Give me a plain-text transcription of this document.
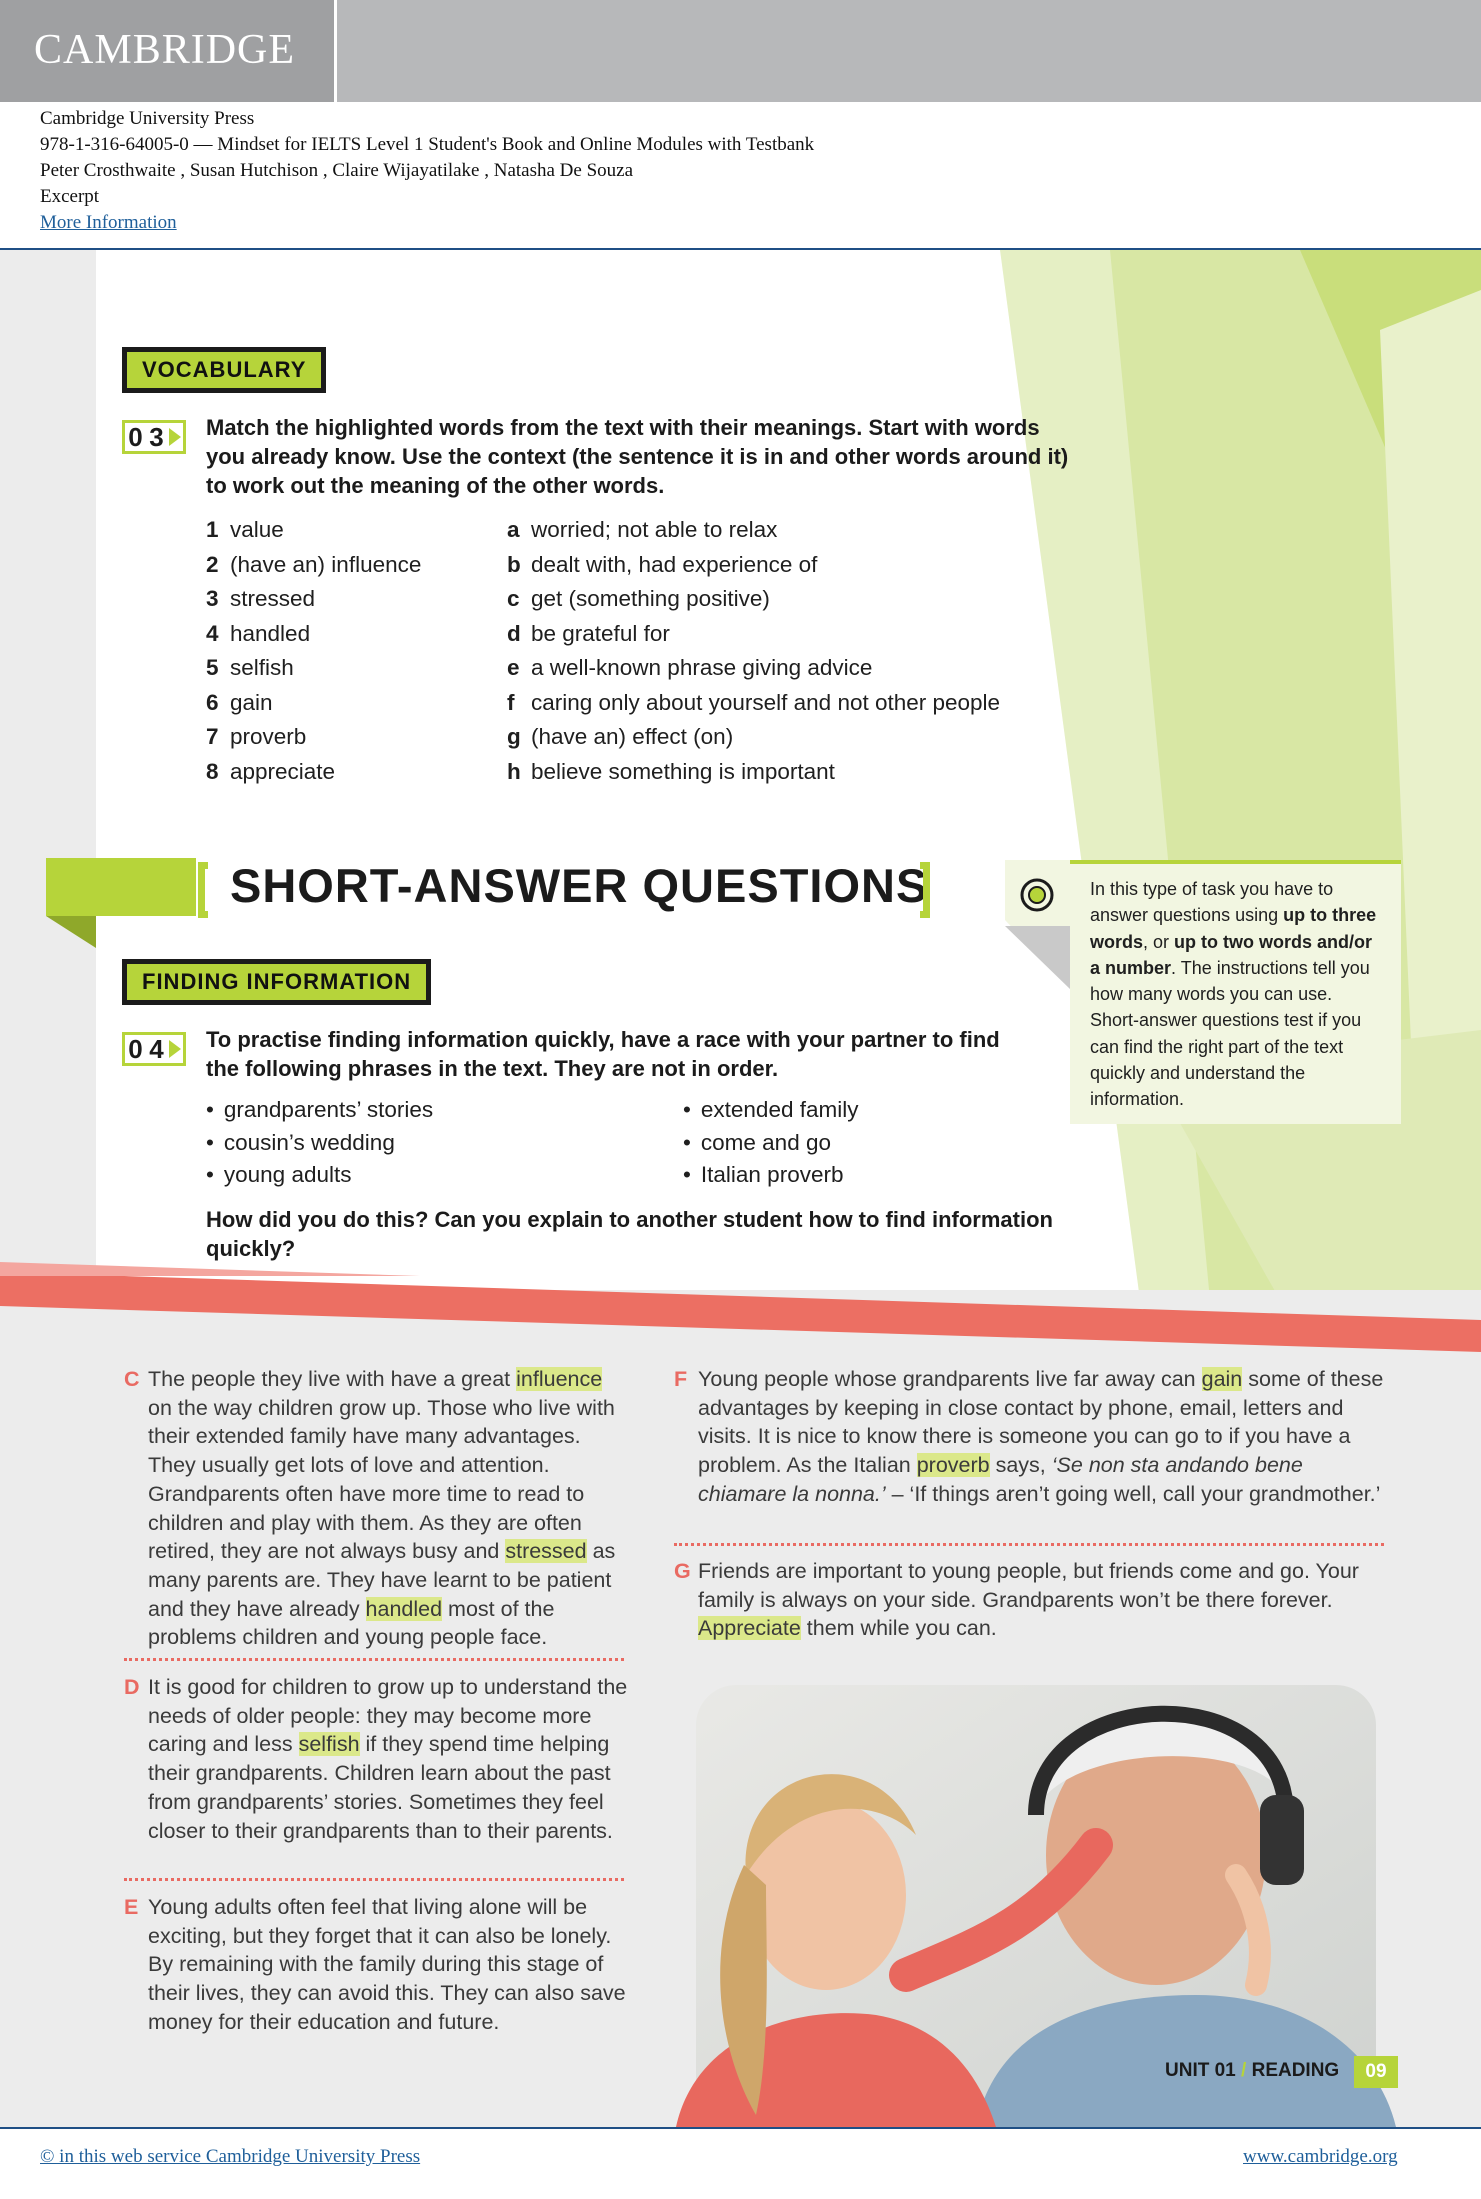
CAMBRIDGE
Cambridge University Press
978-1-316-64005-0 — Mindset for IELTS Level 1 Student's Book and Online Modules with Testbank
Peter Crosthwaite , Susan Hutchison , Claire Wijayatilake , Natasha De Souza
Excerpt
More Information
VOCABULARY
0 3 Match the highlighted words from the text with their meanings. Start with words you already know. Use the context (the sentence it is in and other words around it) to work out the meaning of the other words.
1 value
2 (have an) influence
3 stressed
4 handled
5 selfish
6 gain
7 proverb
8 appreciate
a worried; not able to relax
b dealt with, had experience of
c get (something positive)
d be grateful for
e a well-known phrase giving advice
f caring only about yourself and not other people
g (have an) effect (on)
h believe something is important
SHORT-ANSWER QUESTIONS	In this type of task you have to answer questions using up to three words, or up to two words and/or a number. The instructions tell you how many words you can use. Short-answer questions test if you can find the right part of the text quickly and understand the information.
FINDING INFORMATION
0 4 To practise finding information quickly, have a race with your partner to find the following phrases in the text. They are not in order.
• grandparents’ stories
• cousin’s wedding
• young adults
• extended family
• come and go
• Italian proverb
How did you do this? Can you explain to another student how to find information quickly?
C The people they live with have a great influence on the way children grow up. Those who live with their extended family have many advantages. They usually get lots of love and attention. Grandparents often have more time to read to children and play with them. As they are often retired, they are not always busy and stressed as many parents are. They have learnt to be patient and they have already handled most of the problems children and young people face.
D It is good for children to grow up to understand the needs of older people: they may become more caring and less selfish if they spend time helping their grandparents. Children learn about the past from grandparents’ stories. Sometimes they feel closer to their grandparents than to their parents.
E Young adults often feel that living alone will be exciting, but they forget that it can also be lonely. By remaining with the family during this stage of their lives, they can avoid this. They can also save money for their education and future.
F Young people whose grandparents live far away can gain some of these advantages by keeping in close contact by phone, email, letters and visits. It is nice to know there is someone you can go to if you have a problem. As the Italian proverb says, ‘Se non sta andando bene chiamare la nonna.’ – ‘If things aren’t going well, call your grandmother.’
G Friends are important to young people, but friends come and go. Your family is always on your side. Grandparents won’t be there forever. Appreciate them while you can.
UNIT 01 / READING	09
© in this web service Cambridge University Press	www.cambridge.org
